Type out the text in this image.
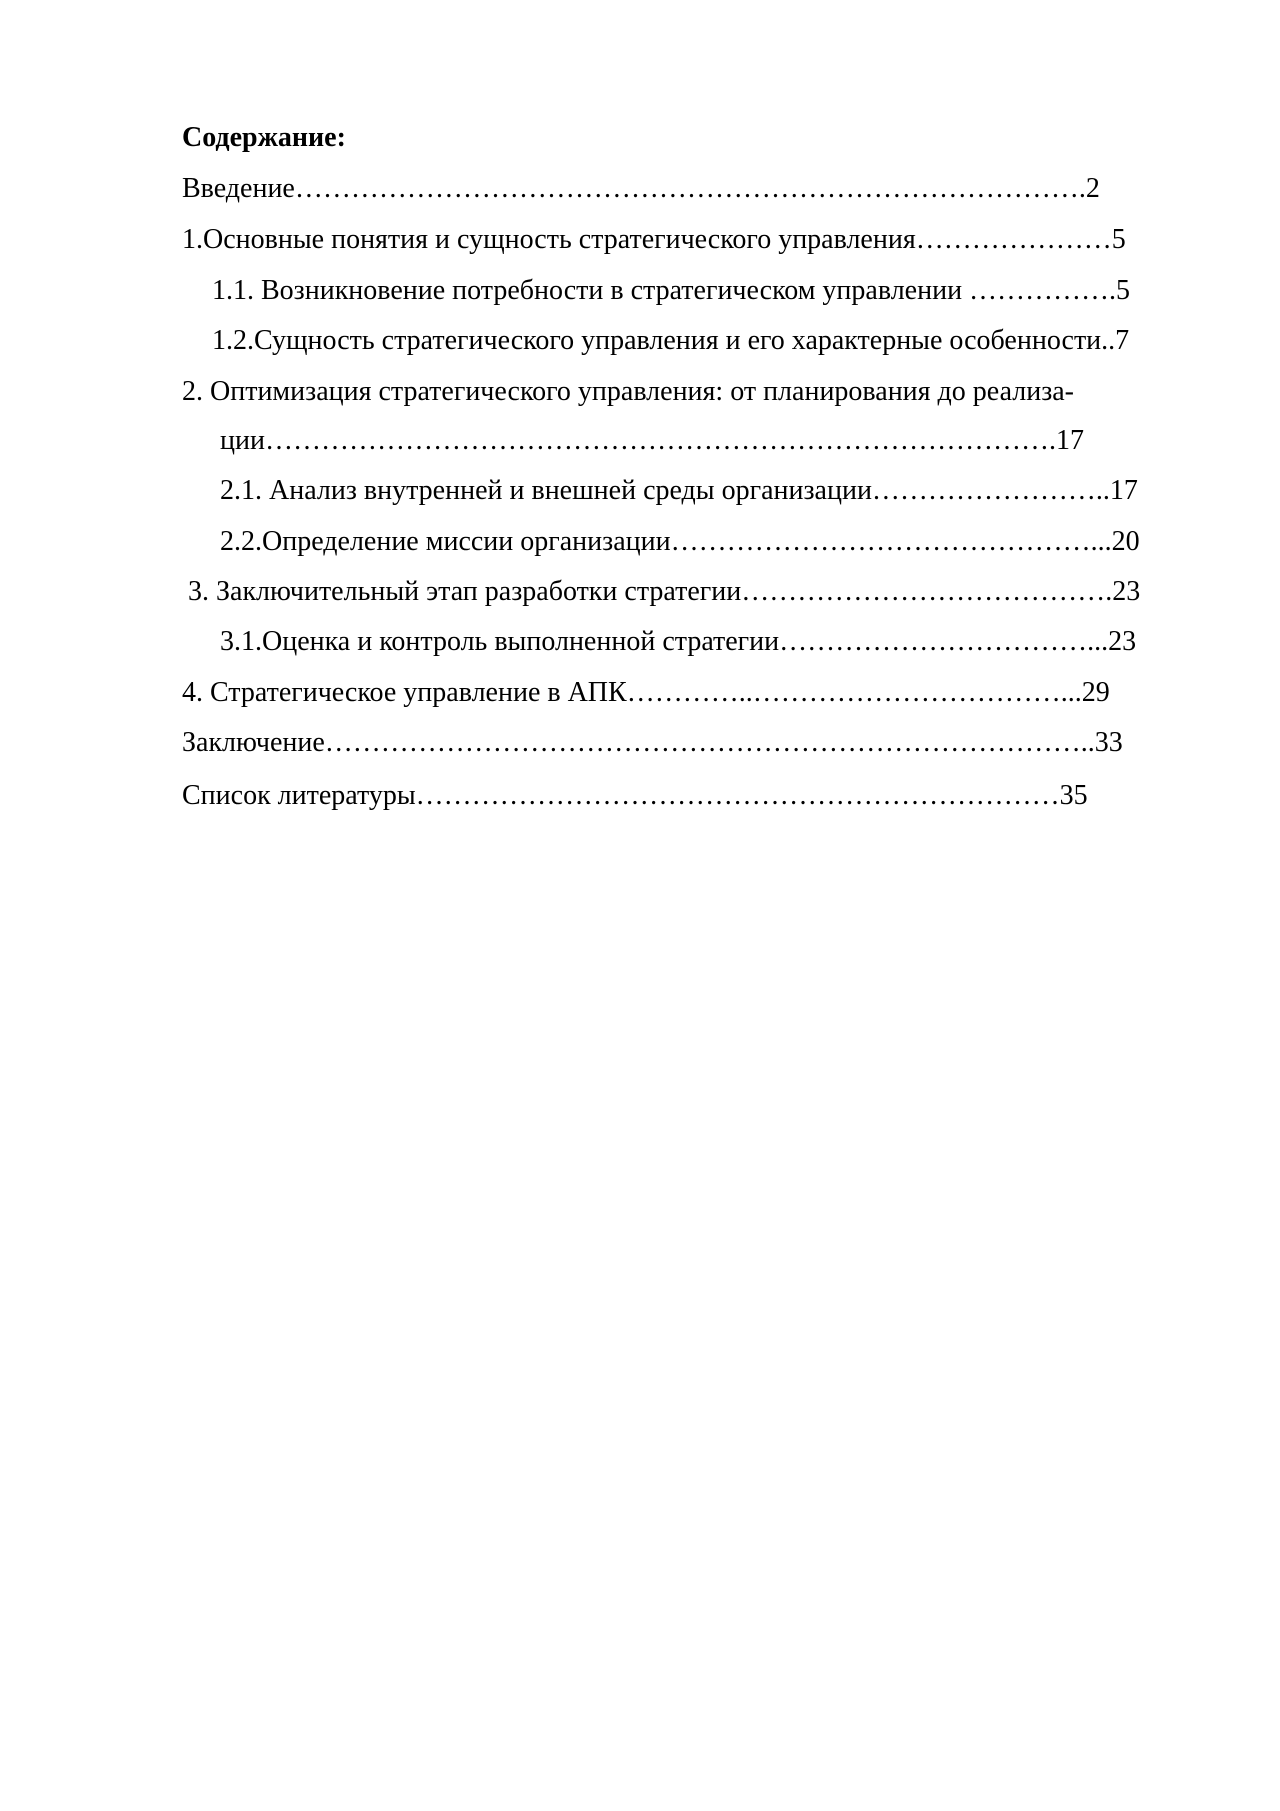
Содержание:
Введение………………………………………………………………………….2
1.Основные понятия и сущность стратегического управления…………………5
1.1. Возникновение потребности в стратегическом управлении …………….5
1.2.Сущность стратегического управления и его характерные особенности..7
2. Оптимизация стратегического управления: от планирования до реализа-
ции………………………………………………………………………….17
2.1. Анализ внутренней и внешней среды организации……………………..17
2.2.Определение миссии организации………………………………………...20
3. Заключительный этап разработки стратегии………………………………….23
3.1.Оценка и контроль выполненной стратегии……………………………...23
4. Стратегическое управление в АПК…………..……………………………...29
Заключение………………………………………………………………………..33
Список литературы……………………………………………………………35
